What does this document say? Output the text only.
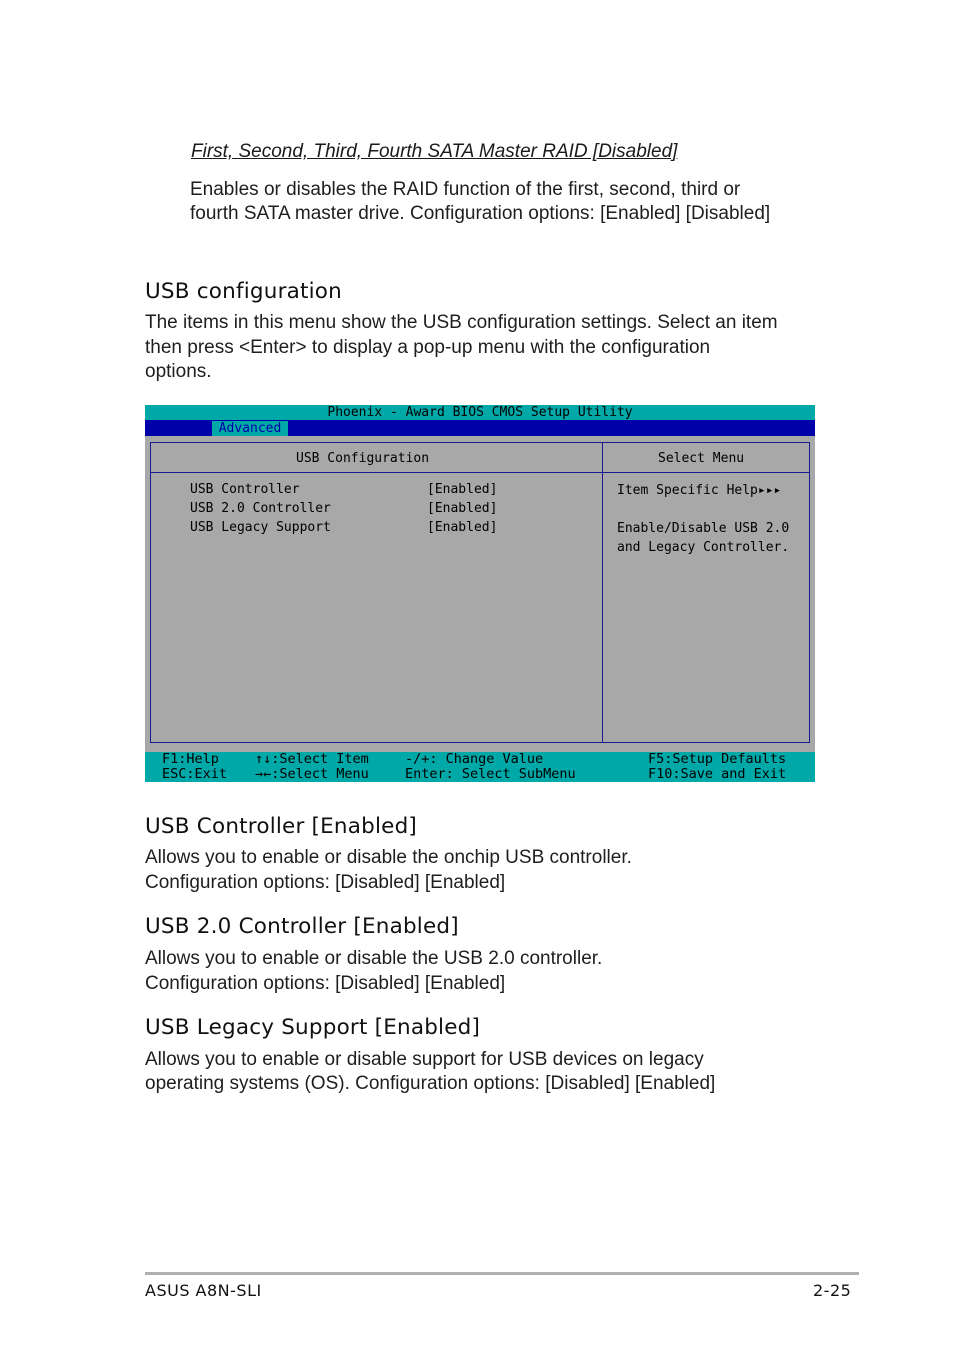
First, Second, Third, Fourth SATA Master RAID [Disabled]
Enables or disables the RAID function of the first, second, third or
fourth SATA master drive. Configuration options: [Enabled] [Disabled]
USB configuration
The items in this menu show the USB configuration settings. Select an item
then press <Enter> to display a pop-up menu with the configuration
options.
Phoenix - Award BIOS CMOS Setup Utility
Advanced
USB Configuration	Select Menu
USB Controller	[Enabled]
USB 2.0 Controller	[Enabled]
USB Legacy Support	[Enabled]
Item Specific Help▸▸▸
Enable/Disable USB 2.0
and Legacy Controller.
F1:Help
ESC:Exit
↑↓:Select Item
→←:Select Menu
-/+: Change Value
Enter: Select SubMenu
F5:Setup Defaults
F10:Save and Exit
USB Controller [Enabled]
Allows you to enable or disable the onchip USB controller.
Configuration options: [Disabled] [Enabled]
USB 2.0 Controller [Enabled]
Allows you to enable or disable the USB 2.0 controller.
Configuration options: [Disabled] [Enabled]
USB Legacy Support [Enabled]
Allows you to enable or disable support for USB devices on legacy
operating systems (OS). Configuration options: [Disabled] [Enabled]
ASUS A8N-SLI	2-25
